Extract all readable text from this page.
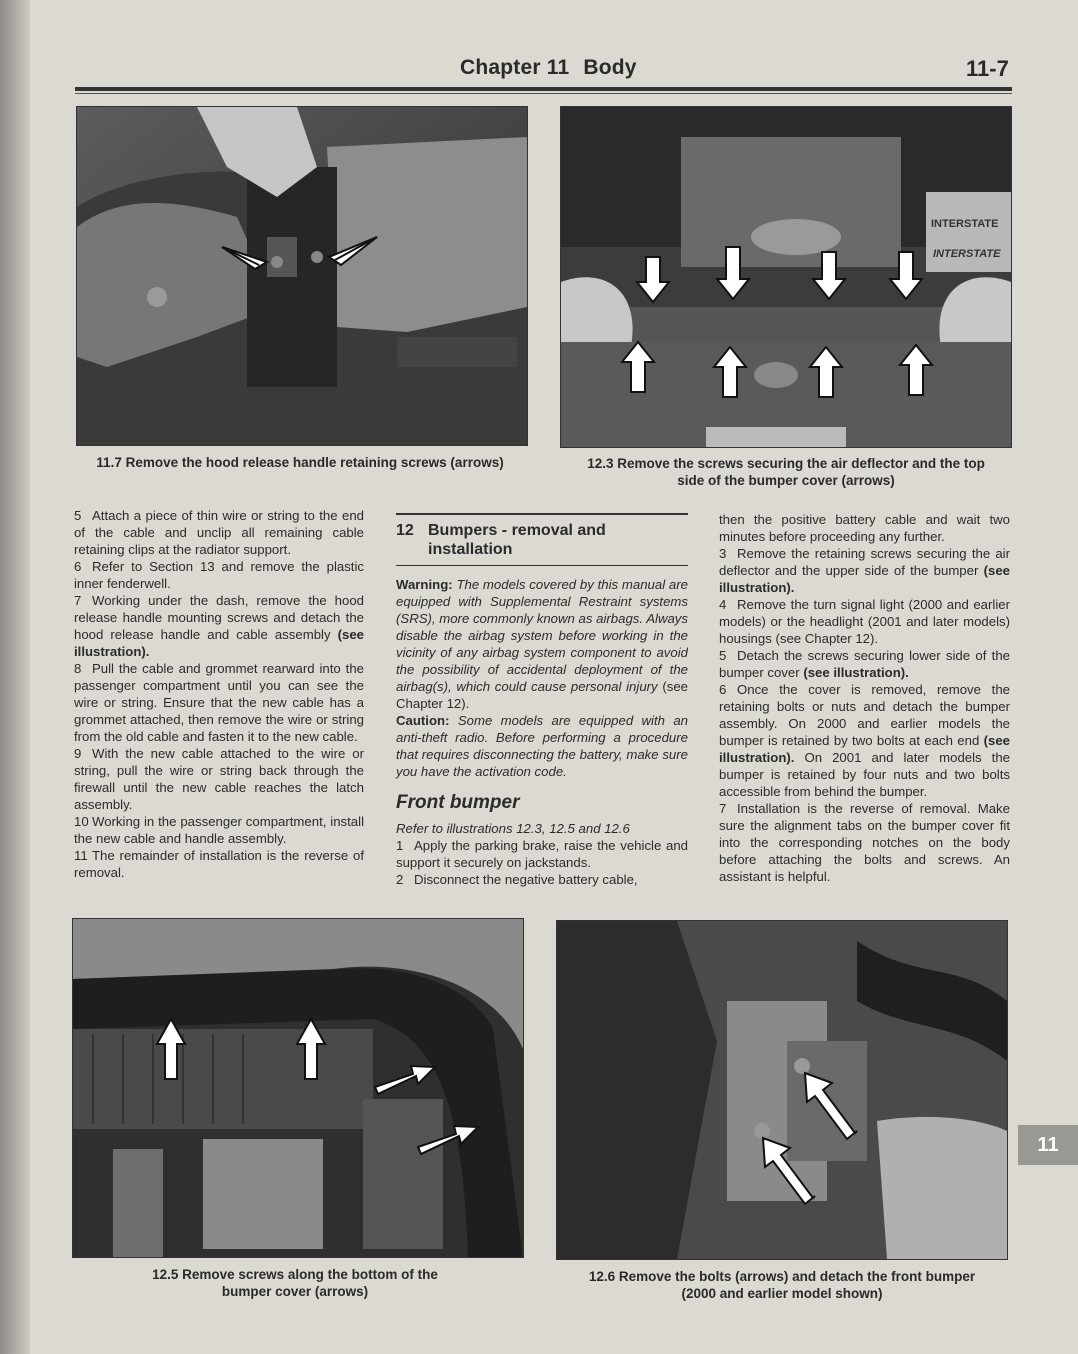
Chapter 11 Body	11-7
11.7 Remove the hood release handle retaining screws (arrows)
INTERSTATE
INTERSTATE
12.3 Remove the screws securing the air deflector and the top
side of the bumper cover (arrows)

5 Attach a piece of thin wire or string to the end of the cable and unclip all remaining cable retaining clips at the radiator support.

6 Refer to Section 13 and remove the plastic inner fenderwell.

7 Working under the dash, remove the hood release handle mounting screws and detach the hood release handle and cable assembly (see illustration).

8 Pull the cable and grommet rearward into the passenger compartment until you can see the wire or string. Ensure that the new cable has a grommet attached, then remove the wire or string from the old cable and fasten it to the new cable.

9 With the new cable attached to the wire or string, pull the wire or string back through the firewall until the new cable reaches the latch assembly.

10 Working in the passenger compartment, install the new cable and handle assembly.

11 The remainder of installation is the reverse of removal.

12 Bumpers - removal and installation

Warning: The models covered by this manual are equipped with Supplemental Restraint systems (SRS), more commonly known as airbags. Always disable the airbag system before working in the vicinity of any airbag system component to avoid the possibility of accidental deployment of the airbag(s), which could cause personal injury (see Chapter 12).

Caution: Some models are equipped with an anti-theft radio. Before performing a procedure that requires disconnecting the battery, make sure you have the activation code.

Front bumper

Refer to illustrations 12.3, 12.5 and 12.6

1 Apply the parking brake, raise the vehicle and support it securely on jackstands.

2 Disconnect the negative battery cable,

then the positive battery cable and wait two minutes before proceeding any further.

3 Remove the retaining screws securing the air deflector and the upper side of the bumper (see illustration).

4 Remove the turn signal light (2000 and earlier models) or the headlight (2001 and later models) housings (see Chapter 12).

5 Detach the screws securing lower side of the bumper cover (see illustration).

6 Once the cover is removed, remove the retaining bolts or nuts and detach the bumper assembly. On 2000 and earlier models the bumper is retained by two bolts at each end (see illustration). On 2001 and later models the bumper is retained by four nuts and two bolts accessible from behind the bumper.

7 Installation is the reverse of removal. Make sure the alignment tabs on the bumper cover fit into the corresponding notches on the body before attaching the bolts and screws. An assistant is helpful.

12.5 Remove screws along the bottom of the
bumper cover (arrows)
12.6 Remove the bolts (arrows) and detach the front bumper
(2000 and earlier model shown)
11
